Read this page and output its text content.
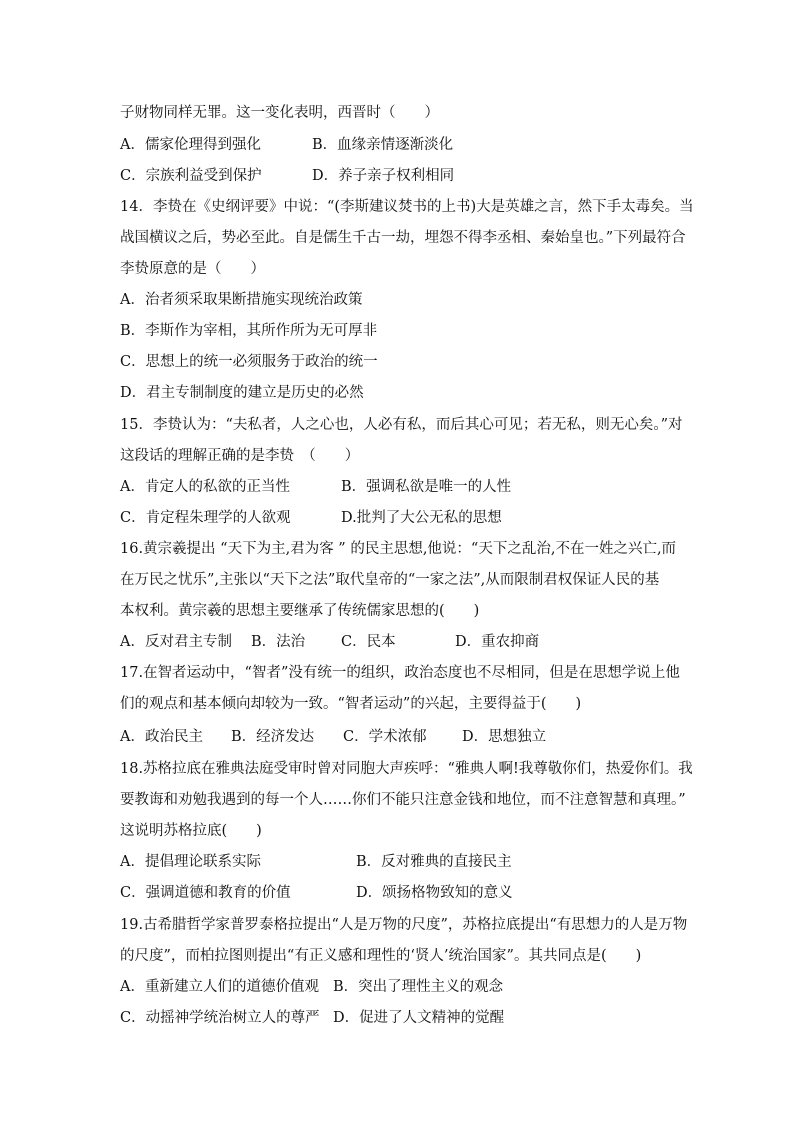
子财物同样无罪。这一变化表明，西晋时（　　）
A．儒家伦理得到强化	B．血缘亲情逐渐淡化
C．宗族利益受到保护	D．养子亲子权利相同
14．李贽在《史纲评要》中说：“(李斯建议焚书的上书)大是英雄之言，然下手太毒矣。当
战国横议之后，势必至此。自是儒生千古一劫，埋怨不得李丞相、秦始皇也。”下列最符合
李贽原意的是（　　）
A．治者须采取果断措施实现统治政策
B．李斯作为宰相，其所作所为无可厚非
C．思想上的统一必须服务于政治的统一
D．君主专制制度的建立是历史的必然
15．李贽认为：“夫私者，人之心也，人必有私，而后其心可见；若无私，则无心矣。”对
这段话的理解正确的是李贽　（　　）
A．肯定人的私欲的正当性	B．强调私欲是唯一的人性
C．肯定程朱理学的人欲观	D.批判了大公无私的思想
16.黄宗羲提出 “天下为主,君为客 ” 的民主思想,他说：“天下之乱治,不在一姓之兴亡,而
在万民之忧乐”,主张以“天下之法”取代皇帝的“一家之法”,从而限制君权保证人民的基
本权利。黄宗羲的思想主要继承了传统儒家思想的(　　)
A．反对君主专制 B．法治 C．民本	D．重农抑商
17.在智者运动中，“智者”没有统一的组织，政治态度也不尽相同，但是在思想学说上他
们的观点和基本倾向却较为一致。“智者运动”的兴起，主要得益于(　　)
A．政治民主 B．经济发达 C．学术浓郁 D．思想独立
18.苏格拉底在雅典法庭受审时曾对同胞大声疾呼：“雅典人啊!我尊敬你们，热爱你们。我
要教诲和劝勉我遇到的每一个人……你们不能只注意金钱和地位，而不注意智慧和真理。”
这说明苏格拉底(　　)
A．提倡理论联系实际	B．反对雅典的直接民主
C．强调道德和教育的价值	D．颂扬格物致知的意义
19.古希腊哲学家普罗泰格拉提出“人是万物的尺度”，苏格拉底提出“有思想力的人是万物
的尺度”，而柏拉图则提出“有正义感和理性的‘贤人’统治国家”。其共同点是(　　)
A．重新建立人们的道德价值观 B．突出了理性主义的观念
C．动摇神学统治树立人的尊严 D．促进了人文精神的觉醒
